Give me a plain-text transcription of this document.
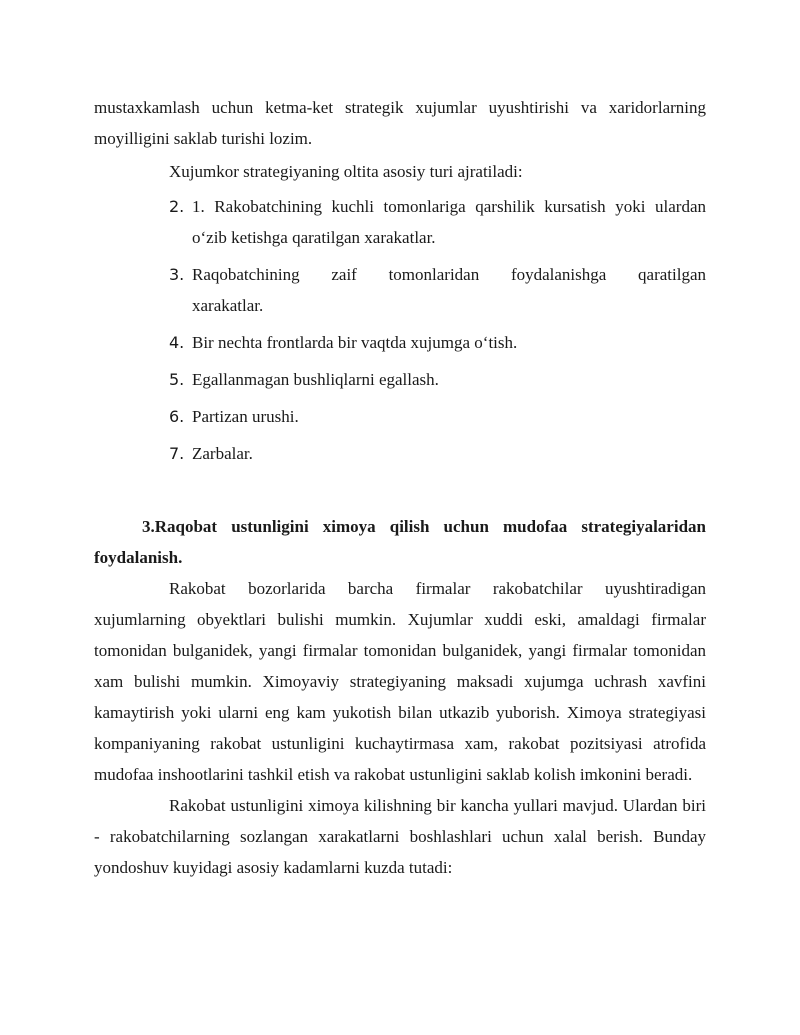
mustaxkamlash uchun ketma-ket strategik xujumlar uyushtirishi va xaridorlarning moyilligini saklab turishi lozim.

Xujumkor strategiyaning oltita asosiy turi ajratiladi:

2. 1. Rakobatchining kuchli tomonlariga qarshilik kursatish yoki ulardan o‘zib ketishga qaratilgan xarakatlar.
3. Raqobatchining zaif tomonlaridan foydalanishga qaratilgan
xarakatlar.
4. Bir nechta frontlarda bir vaqtda xujumga o‘tish.
5. Egallanmagan bushliqlarni egallash.
6. Partizan urushi.
7. Zarbalar.
3.Raqobat ustunligini ximoya qilish uchun mudofaa strategiyalaridan foydalanish.

Rakobat bozorlarida barcha firmalar rakobatchilar uyushtiradigan xujumlarning obyektlari bulishi mumkin. Xujumlar xuddi eski, amaldagi firmalar tomonidan bulganidek, yangi firmalar tomonidan bulganidek, yangi firmalar tomonidan xam bulishi mumkin. Ximoyaviy strategiyaning maksadi xujumga uchrash xavfini kamaytirish yoki ularni eng kam yukotish bilan utkazib yuborish. Ximoya strategiyasi kompaniyaning rakobat ustunligini kuchaytirmasa xam, rakobat pozitsiyasi atrofida mudofaa inshootlarini tashkil etish va rakobat ustunligini saklab kolish imkonini beradi.

Rakobat ustunligini ximoya kilishning bir kancha yullari mavjud. Ulardan biri - rakobatchilarning sozlangan xarakatlarni boshlashlari uchun xalal berish. Bunday yondoshuv kuyidagi asosiy kadamlarni kuzda tutadi:
